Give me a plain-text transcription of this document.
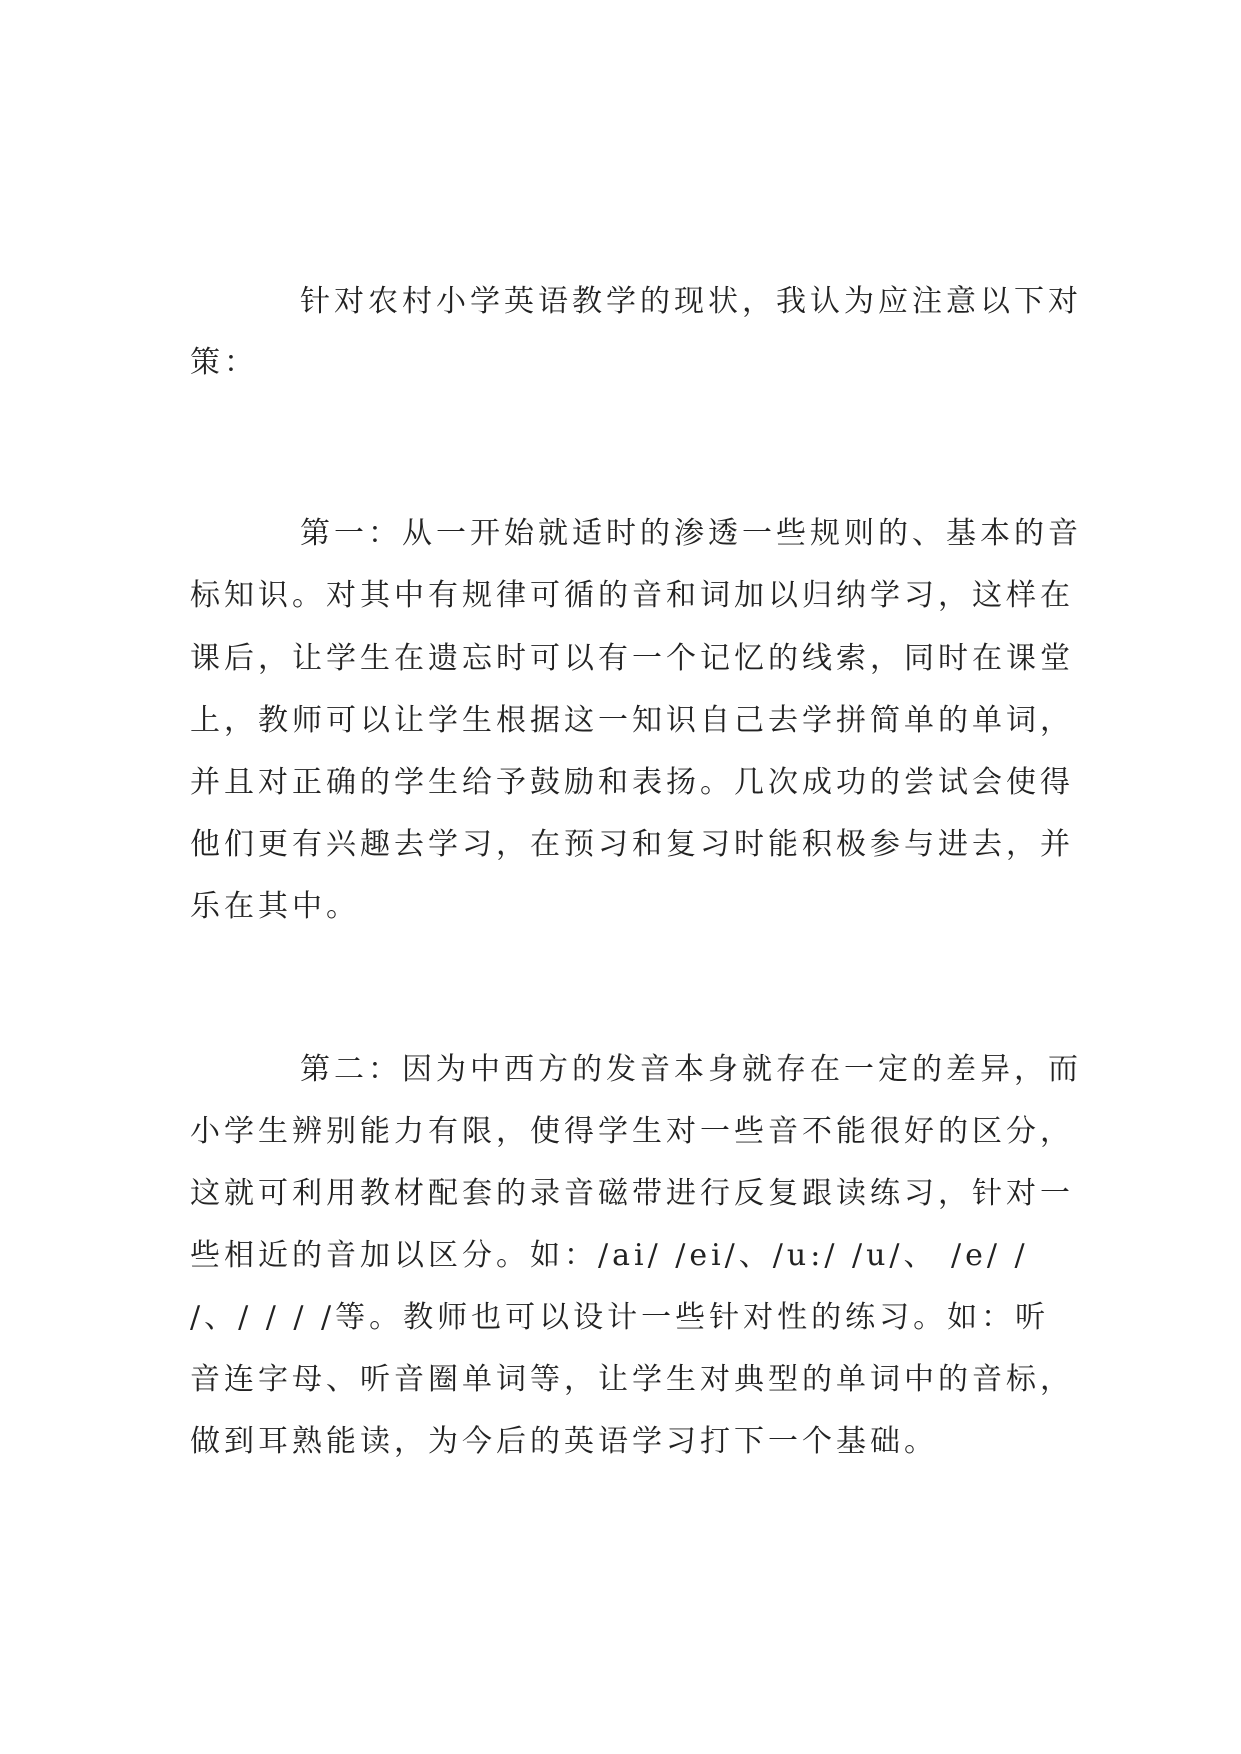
针对农村小学英语教学的现状，我认为应注意以下对
策：
第一：从一开始就适时的渗透一些规则的、基本的音
标知识。对其中有规律可循的音和词加以归纳学习，这样在
课后，让学生在遗忘时可以有一个记忆的线索，同时在课堂
上，教师可以让学生根据这一知识自己去学拼简单的单词，
并且对正确的学生给予鼓励和表扬。几次成功的尝试会使得
他们更有兴趣去学习，在预习和复习时能积极参与进去，并
乐在其中。
第二：因为中西方的发音本身就存在一定的差异，而
小学生辨别能力有限，使得学生对一些音不能很好的区分，
这就可利用教材配套的录音磁带进行反复跟读练习，针对一
些相近的音加以区分。如：/ai/ /ei/、/u:/ /u/、 /e/ /
/、/ / / /等。教师也可以设计一些针对性的练习。如：听
音连字母、听音圈单词等，让学生对典型的单词中的音标，
做到耳熟能读，为今后的英语学习打下一个基础。
